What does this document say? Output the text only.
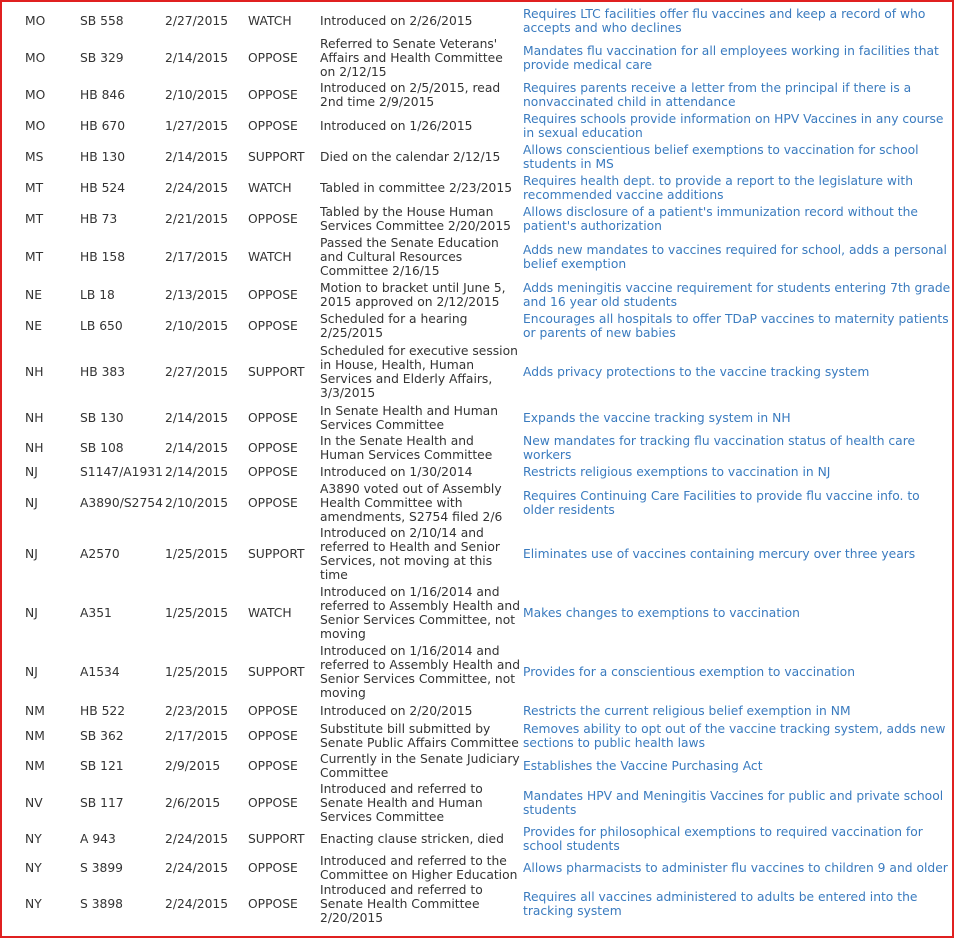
MO	SB 558	2/27/2015	WATCH	Introduced on 2/26/2015	Requires LTC facilities offer flu vaccines and keep a record of who accepts and who declines
MO	SB 329	2/14/2015	OPPOSE	Referred to Senate Veterans' Affairs and Health Committee on 2/12/15	Mandates flu vaccination for all employees working in facilities that provide medical care
MO	HB 846	2/10/2015	OPPOSE	Introduced on 2/5/2015, read 2nd time 2/9/2015	Requires parents receive a letter from the principal if there is a nonvaccinated child in attendance
MO	HB 670	1/27/2015	OPPOSE	Introduced on 1/26/2015	Requires schools provide information on HPV Vaccines in any course in sexual education
MS	HB 130	2/14/2015	SUPPORT	Died on the calendar 2/12/15	Allows conscientious belief exemptions to vaccination for school students in MS
MT	HB 524	2/24/2015	WATCH	Tabled in committee 2/23/2015	Requires health dept. to provide a report to the legislature with recommended vaccine additions
MT	HB 73	2/21/2015	OPPOSE	Tabled by the House Human Services Committee 2/20/2015	Allows disclosure of a patient's immunization record without the patient's authorization
MT	HB 158	2/17/2015	WATCH	Passed the Senate Education and Cultural Resources Committee 2/16/15	Adds new mandates to vaccines required for school, adds a personal belief exemption
NE	LB 18	2/13/2015	OPPOSE	Motion to bracket until June 5, 2015 approved on 2/12/2015	Adds meningitis vaccine requirement for students entering 7th grade and 16 year old students
NE	LB 650	2/10/2015	OPPOSE	Scheduled for a hearing 2/25/2015	Encourages all hospitals to offer TDaP vaccines to maternity patients or parents of new babies
NH	HB 383	2/27/2015	SUPPORT	Scheduled for executive session in House, Health, Human Services and Elderly Affairs, 3/3/2015	Adds privacy protections to the vaccine tracking system
NH	SB 130	2/14/2015	OPPOSE	In Senate Health and Human Services Committee	Expands the vaccine tracking system in NH
NH	SB 108	2/14/2015	OPPOSE	In the Senate Health and Human Services Committee	New mandates for tracking flu vaccination status of health care workers
NJ	S1147/A1931	2/14/2015	OPPOSE	Introduced on 1/30/2014	Restricts religious exemptions to vaccination in NJ
NJ	A3890/S2754	2/10/2015	OPPOSE	A3890 voted out of Assembly Health Committee with amendments, S2754 filed 2/6	Requires Continuing Care Facilities to provide flu vaccine info. to older residents
NJ	A2570	1/25/2015	SUPPORT	Introduced on 2/10/14 and referred to Health and Senior Services, not moving at this time	Eliminates use of vaccines containing mercury over three years
NJ	A351	1/25/2015	WATCH	Introduced on 1/16/2014 and referred to Assembly Health and Senior Services Committee, not moving	Makes changes to exemptions to vaccination
NJ	A1534	1/25/2015	SUPPORT	Introduced on 1/16/2014 and referred to Assembly Health and Senior Services Committee, not moving	Provides for a conscientious exemption to vaccination
NM	HB 522	2/23/2015	OPPOSE	Introduced on 2/20/2015	Restricts the current religious belief exemption in NM
NM	SB 362	2/17/2015	OPPOSE	Substitute bill submitted by Senate Public Affairs Committee	Removes ability to opt out of the vaccine tracking system, adds new sections to public health laws
NM	SB 121	2/9/2015	OPPOSE	Currently in the Senate Judiciary Committee	Establishes the Vaccine Purchasing Act
NV	SB 117	2/6/2015	OPPOSE	Introduced and referred to Senate Health and Human Services Committee	Mandates HPV and Meningitis Vaccines for public and private school students
NY	A 943	2/24/2015	SUPPORT	Enacting clause stricken, died	Provides for philosophical exemptions to required vaccination for school students
NY	S 3899	2/24/2015	OPPOSE	Introduced and referred to the Committee on Higher Education	Allows pharmacists to administer flu vaccines to children 9 and older
NY	S 3898	2/24/2015	OPPOSE	Introduced and referred to Senate Health Committee 2/20/2015	Requires all vaccines administered to adults be entered into the tracking system
